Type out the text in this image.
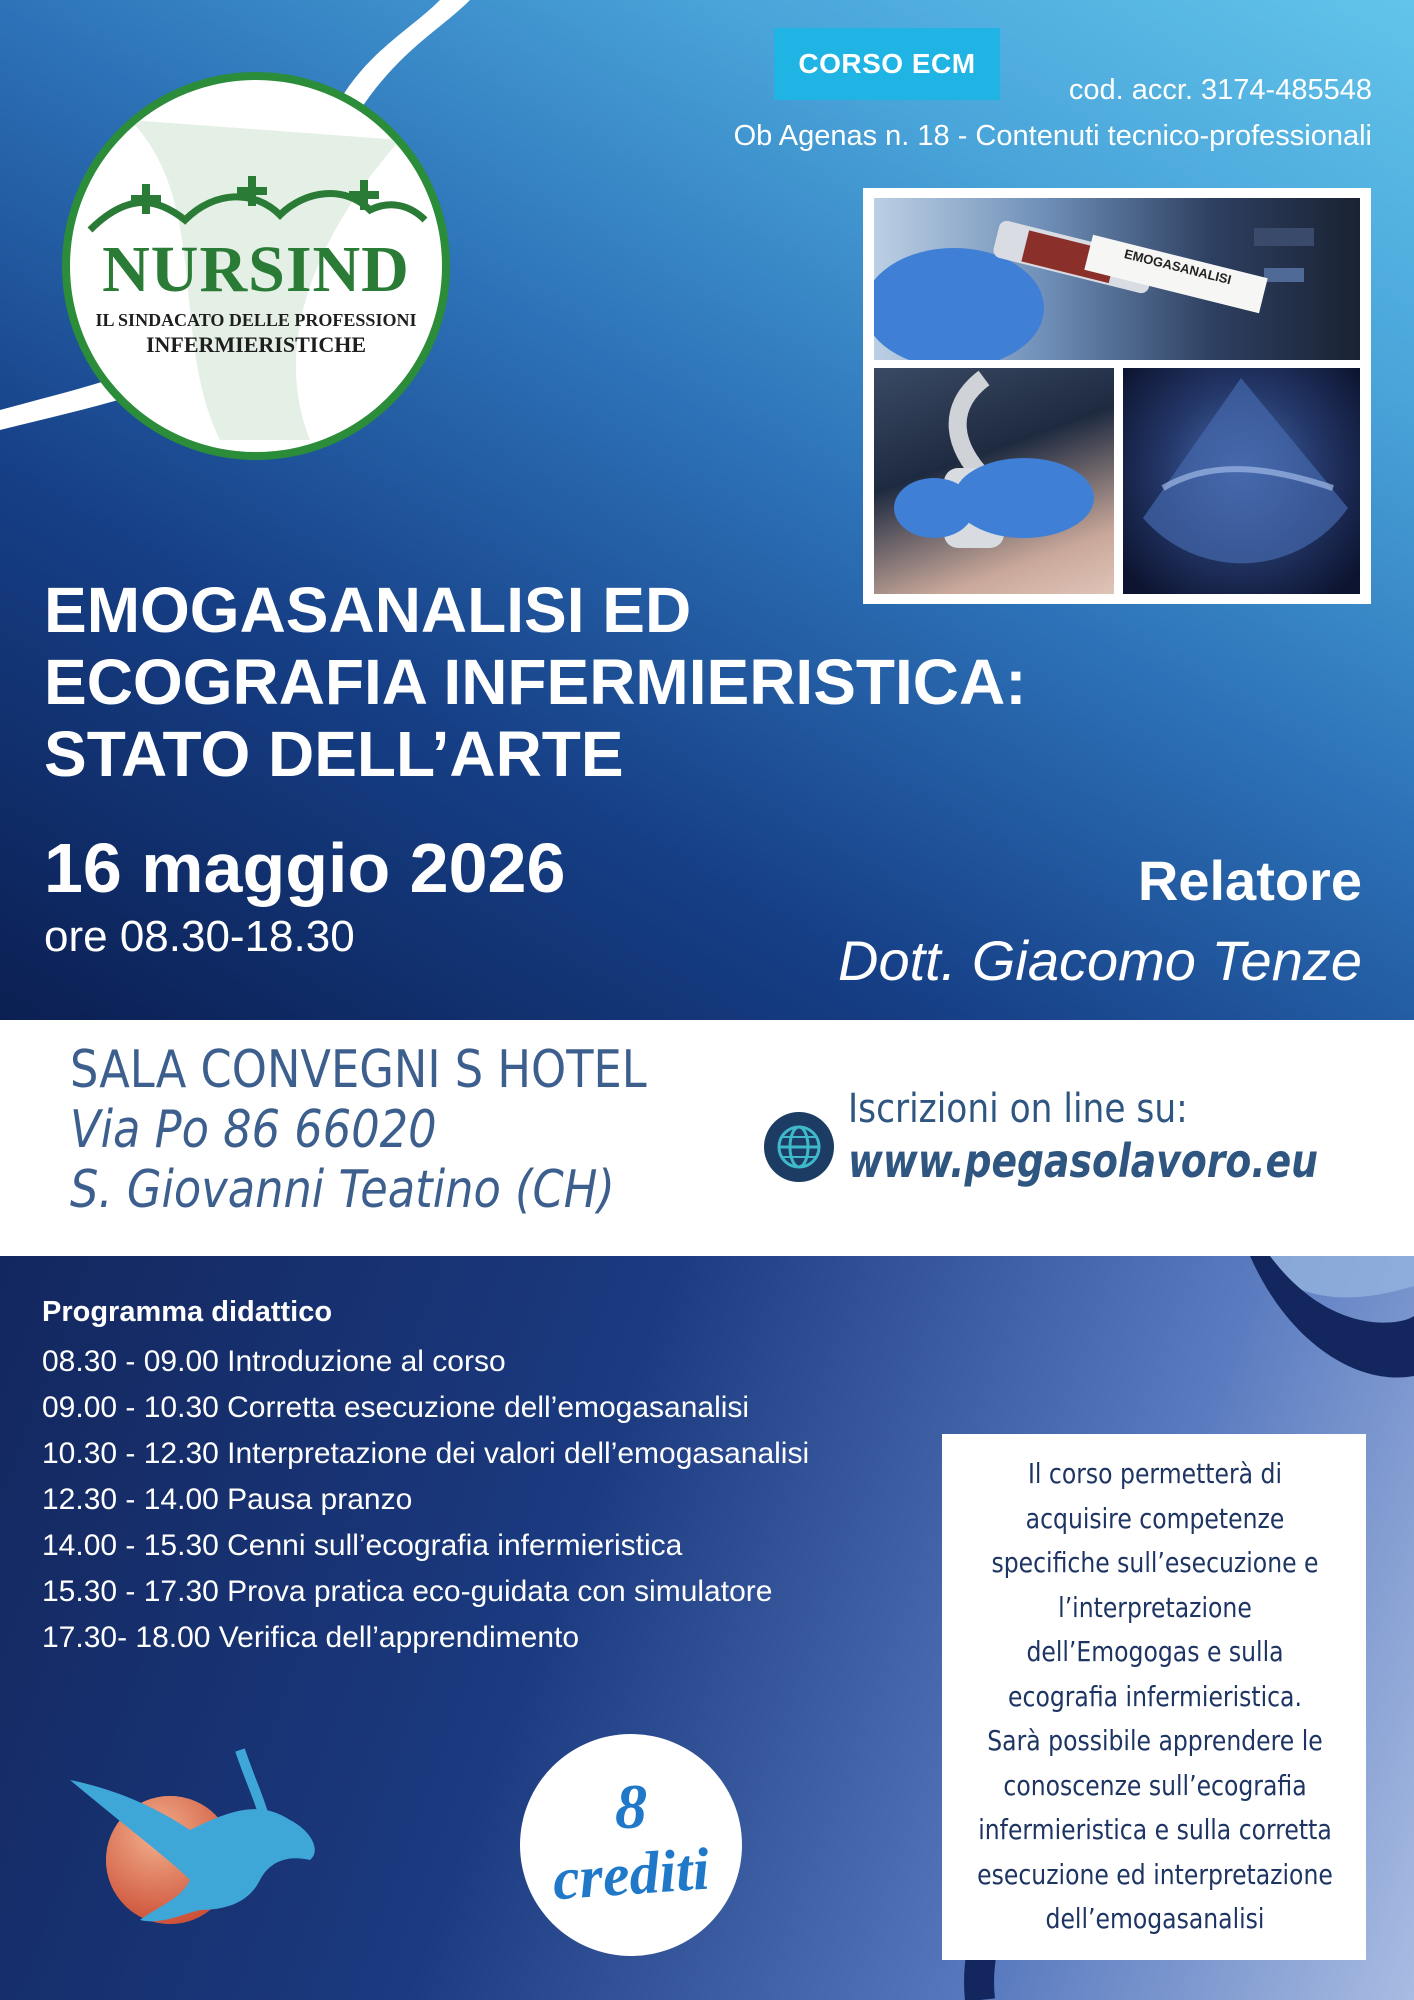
CORSO ECM
cod. accr. 3174-485548
Ob Agenas n. 18 - Contenuti tecnico-professionali
NURSIND
IL SINDACATO DELLE PROFESSIONI
INFERMIERISTICHE
EMOGASANALISI
EMOGASANALISI ED
ECOGRAFIA INFERMIERISTICA:
STATO DELL’ARTE
16 maggio 2026
ore 08.30-18.30
Relatore
Dott. Giacomo Tenze
SALA CONVEGNI S HOTEL
Via Po 86 66020
S. Giovanni Teatino (CH)
Iscrizioni on line su:
www.pegasolavoro.eu
Programma didattico
08.30 - 09.00 Introduzione al corso
09.00 - 10.30 Corretta esecuzione dell’emogasanalisi
10.30 - 12.30 Interpretazione dei valori dell’emogasanalisi
12.30 - 14.00 Pausa pranzo
14.00 - 15.30 Cenni sull’ecografia infermieristica
15.30 - 17.30 Prova pratica eco-guidata con simulatore
17.30- 18.00 Verifica dell’apprendimento
Il corso permetterà di
acquisire competenze
specifiche sull’esecuzione e
l’interpretazione
dell’Emogogas e sulla
ecografia infermieristica.
Sarà possibile apprendere le
conoscenze sull’ecografia
infermieristica e sulla corretta
esecuzione ed interpretazione
dell’emogasanalisi
8
crediti
